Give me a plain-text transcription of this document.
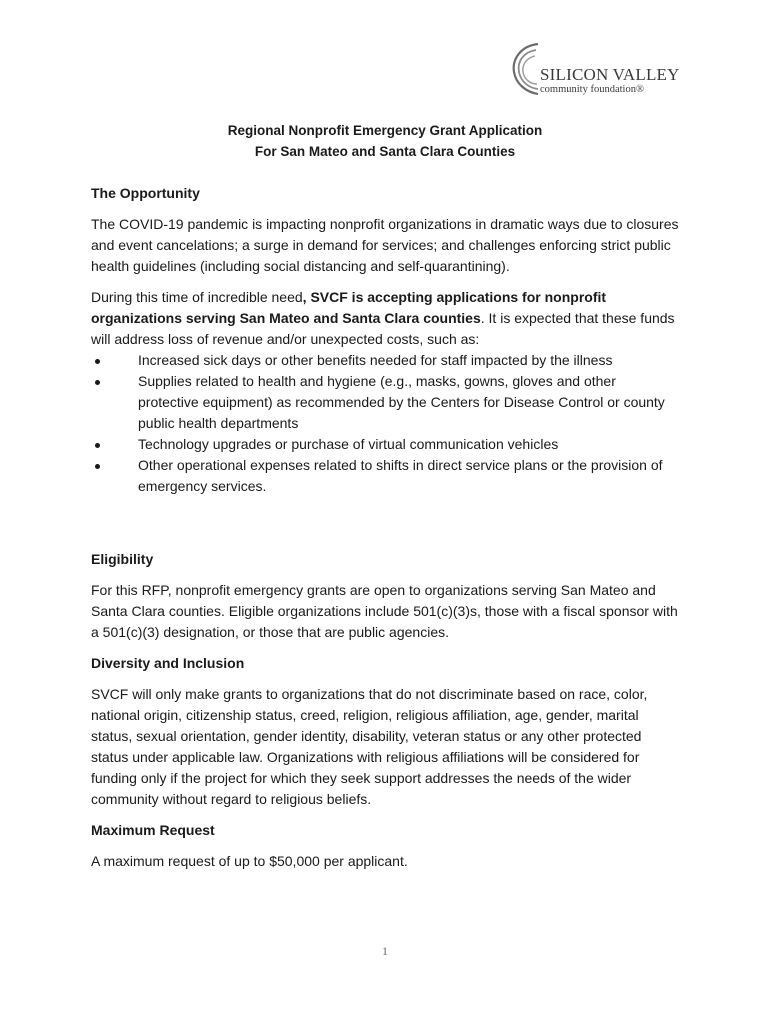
SILICON VALLEY
community foundation®

Regional Nonprofit Emergency Grant Application

For San Mateo and Santa Clara Counties

The Opportunity

The COVID-19 pandemic is impacting nonprofit organizations in dramatic ways due to closures and event cancelations; a surge in demand for services; and challenges enforcing strict public health guidelines (including social distancing and self-quarantining).

During this time of incredible need, SVCF is accepting applications for nonprofit organizations serving San Mateo and Santa Clara counties. It is expected that these funds will address loss of revenue and/or unexpected costs, such as:

Increased sick days or other benefits needed for staff impacted by the illness
Supplies related to health and hygiene (e.g., masks, gowns, gloves and other protective equipment) as recommended by the Centers for Disease Control or county public health departments
Technology upgrades or purchase of virtual communication vehicles
Other operational expenses related to shifts in direct service plans or the provision of emergency services.
Eligibility

For this RFP, nonprofit emergency grants are open to organizations serving San Mateo and Santa Clara counties. Eligible organizations include 501(c)(3)s, those with a fiscal sponsor with a 501(c)(3) designation, or those that are public agencies.

Diversity and Inclusion

SVCF will only make grants to organizations that do not discriminate based on race, color, national origin, citizenship status, creed, religion, religious affiliation, age, gender, marital status, sexual orientation, gender identity, disability, veteran status or any other protected status under applicable law. Organizations with religious affiliations will be considered for funding only if the project for which they seek support addresses the needs of the wider community without regard to religious beliefs.

Maximum Request

A maximum request of up to $50,000 per applicant.

1
